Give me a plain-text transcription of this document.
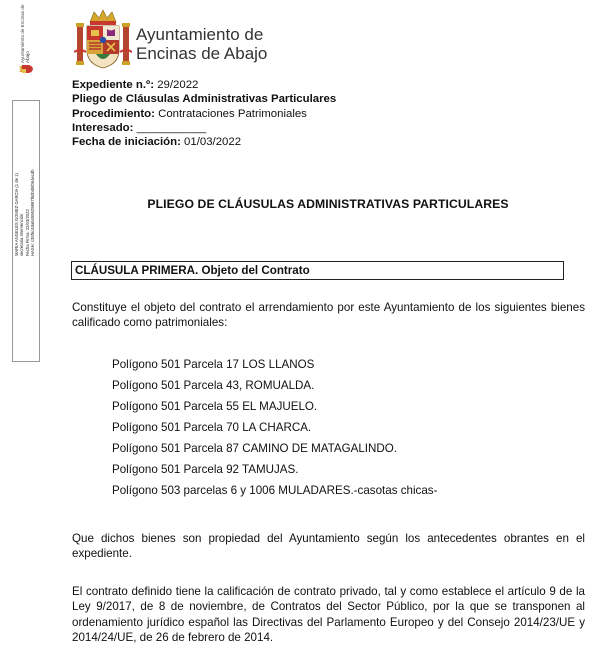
Ayuntamiento de
Encinas de Abajo
MARIA ANGELES GOMEZ GARCIA (1 de 1) secretaria Intervención Fecha Firma: 22/03/2022 HASH: c35f6c48a9459529897f60bd5f064ecdb
Ayuntamiento de Encinas de Abajo
Expediente n.º: 29/2022
Pliego de Cláusulas Administrativas Particulares
Procedimiento: Contrataciones Patrimoniales
Interesado: ___________
Fecha de iniciación: 01/03/2022
PLIEGO DE CLÁUSULAS ADMINISTRATIVAS PARTICULARES
CLÁUSULA PRIMERA. Objeto del Contrato
Constituye el objeto del contrato el arrendamiento por este Ayuntamiento de los siguientes bienes calificado como patrimoniales:
Polígono 501 Parcela 17 LOS LLANOS
Polígono 501 Parcela 43, ROMUALDA.
Polígono 501 Parcela 55 EL MAJUELO.
Polígono 501 Parcela 70 LA CHARCA.
Polígono 501 Parcela 87 CAMINO DE MATAGALINDO.
Polígono 501 Parcela 92 TAMUJAS.
Polígono 503 parcelas 6 y 1006 MULADARES.-casotas chicas-
Que dichos bienes son propiedad del Ayuntamiento según los antecedentes obrantes en el expediente.
El contrato definido tiene la calificación de contrato privado, tal y como establece el artículo 9 de la Ley 9/2017, de 8 de noviembre, de Contratos del Sector Público, por la que se transponen al ordenamiento jurídico español las Directivas del Parlamento Europeo y del Consejo 2014/23/UE y 2014/24/UE, de 26 de febrero de 2014.
